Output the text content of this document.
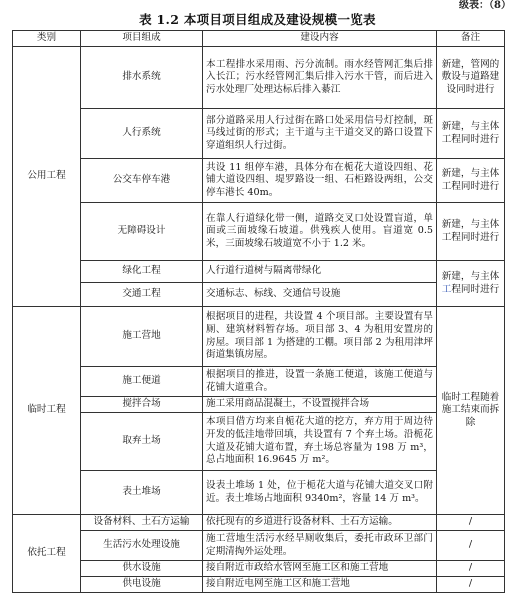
级表：（8）
表 1.2 本项目项目组成及建设规模一览表
类别	项目组成	建设内容	备注
公用工程	排水系统	本工程排水采用雨、污分流制。雨水经管网汇集后排入长江；污水经管网汇集后排入污水干管，而后进入污水处理厂处理达标后排入綦江	新建，管网的敷设与道路建设同时进行
	人行系统	部分道路采用人行过街在路口处采用信号灯控制，斑马线过街的形式；主干道与主干道交叉的路口设置下穿道组织人行过街。	新建，与主体工程同时进行
	公交车停车港	共设 11 组停车港，具体分布在栀花大道设四组、花铺大道设四组、堤罗路设一组、石柜路设两组，公交停车港长 40m。	新建，与主体工程同时进行
	无障碍设计	在靠人行道绿化带一侧，道路交叉口处设置盲道，单面或三面坡缘石坡道。供残疾人使用。盲道宽 0.5 米，三面坡缘石坡道宽不小于 1.2 米。	新建，与主体工程同时进行
	绿化工程	人行道行道树与隔离带绿化	新建，与主体工程同时进行
	交通工程	交通标志、标线、交通信号设施	
临时工程	施工营地	根据项目的进程，共设置 4 个项目部。主要设置有旱厕、建筑材料暂存场。项目部 3、4 为租用安置房的房屋。项目部 1 为搭建的工棚。项目部 2 为租用津坪街道集镇房屋。	临时工程随着施工结束而拆除
	施工便道	根据项目的推进，设置一条施工便道，该施工便道与花铺大道重合。	
	搅拌合场	施工采用商品混凝土，不设置搅拌合场	
	取弃土场	本项目借方均来自栀花大道的挖方，弃方用于周边待开发的低洼地带回填，共设置有 7 个弃土场。沿栀花大道及花铺大道布置，弃土场总容量为 198 万 m³，总占地面积 16.9645 万 m²。	
	表土堆场	设表土堆场 1 处，位于栀花大道与花铺大道交叉口附近。表土堆场占地面积 9340m²，容量 14 万 m³。	
依托工程	设备材料、土石方运输	依托现有的乡道进行设备材料、土石方运输。	/
	生活污水处理设施	施工营地生活污水经旱厕收集后，委托市政环卫部门定期清掏外运处理。	/
	供水设施	接自附近市政给水管网至施工区和施工营地	/
	供电设施	接自附近电网至施工区和施工营地	/
